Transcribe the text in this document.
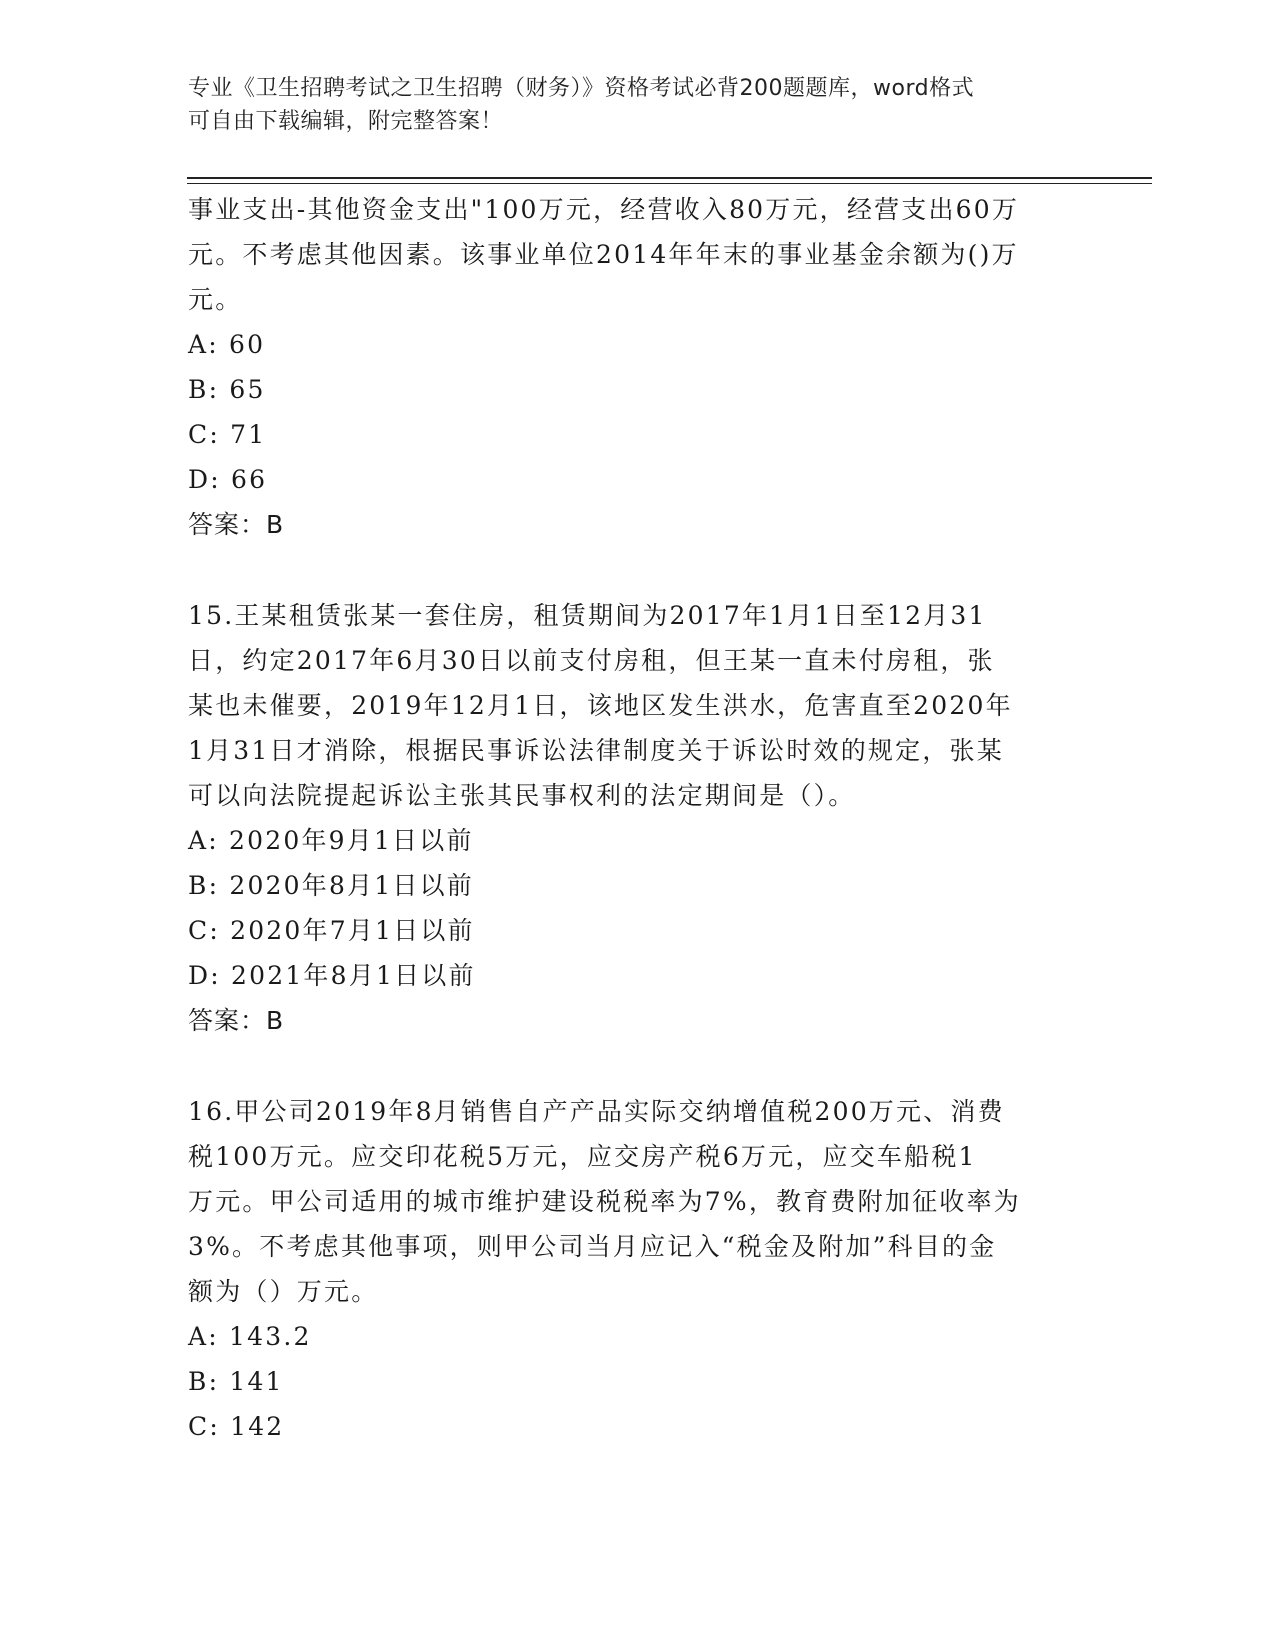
专业《卫生招聘考试之卫生招聘（财务）》资格考试必背200题题库，word格式
可自由下载编辑，附完整答案！

事业支出-其他资金支出"100万元，经营收入80万元，经营支出60万

元。不考虑其他因素。该事业单位2014年年末的事业基金余额为()万

元。

A: 60

B: 65

C: 71

D: 66

答案：B

15.王某租赁张某一套住房，租赁期间为2017年1月1日至12月31

日，约定2017年6月30日以前支付房租，但王某一直未付房租，张

某也未催要，2019年12月1日，该地区发生洪水，危害直至2020年

1月31日才消除，根据民事诉讼法律制度关于诉讼时效的规定，张某

可以向法院提起诉讼主张其民事权利的法定期间是（）。

A: 2020年9月1日以前

B: 2020年8月1日以前

C: 2020年7月1日以前

D: 2021年8月1日以前

答案：B

16.甲公司2019年8月销售自产产品实际交纳增值税200万元、消费

税100万元。应交印花税5万元，应交房产税6万元，应交车船税1

万元。甲公司适用的城市维护建设税税率为7%，教育费附加征收率为

3%。不考虑其他事项，则甲公司当月应记入“税金及附加”科目的金

额为（）万元。

A: 143.2

B: 141

C: 142
